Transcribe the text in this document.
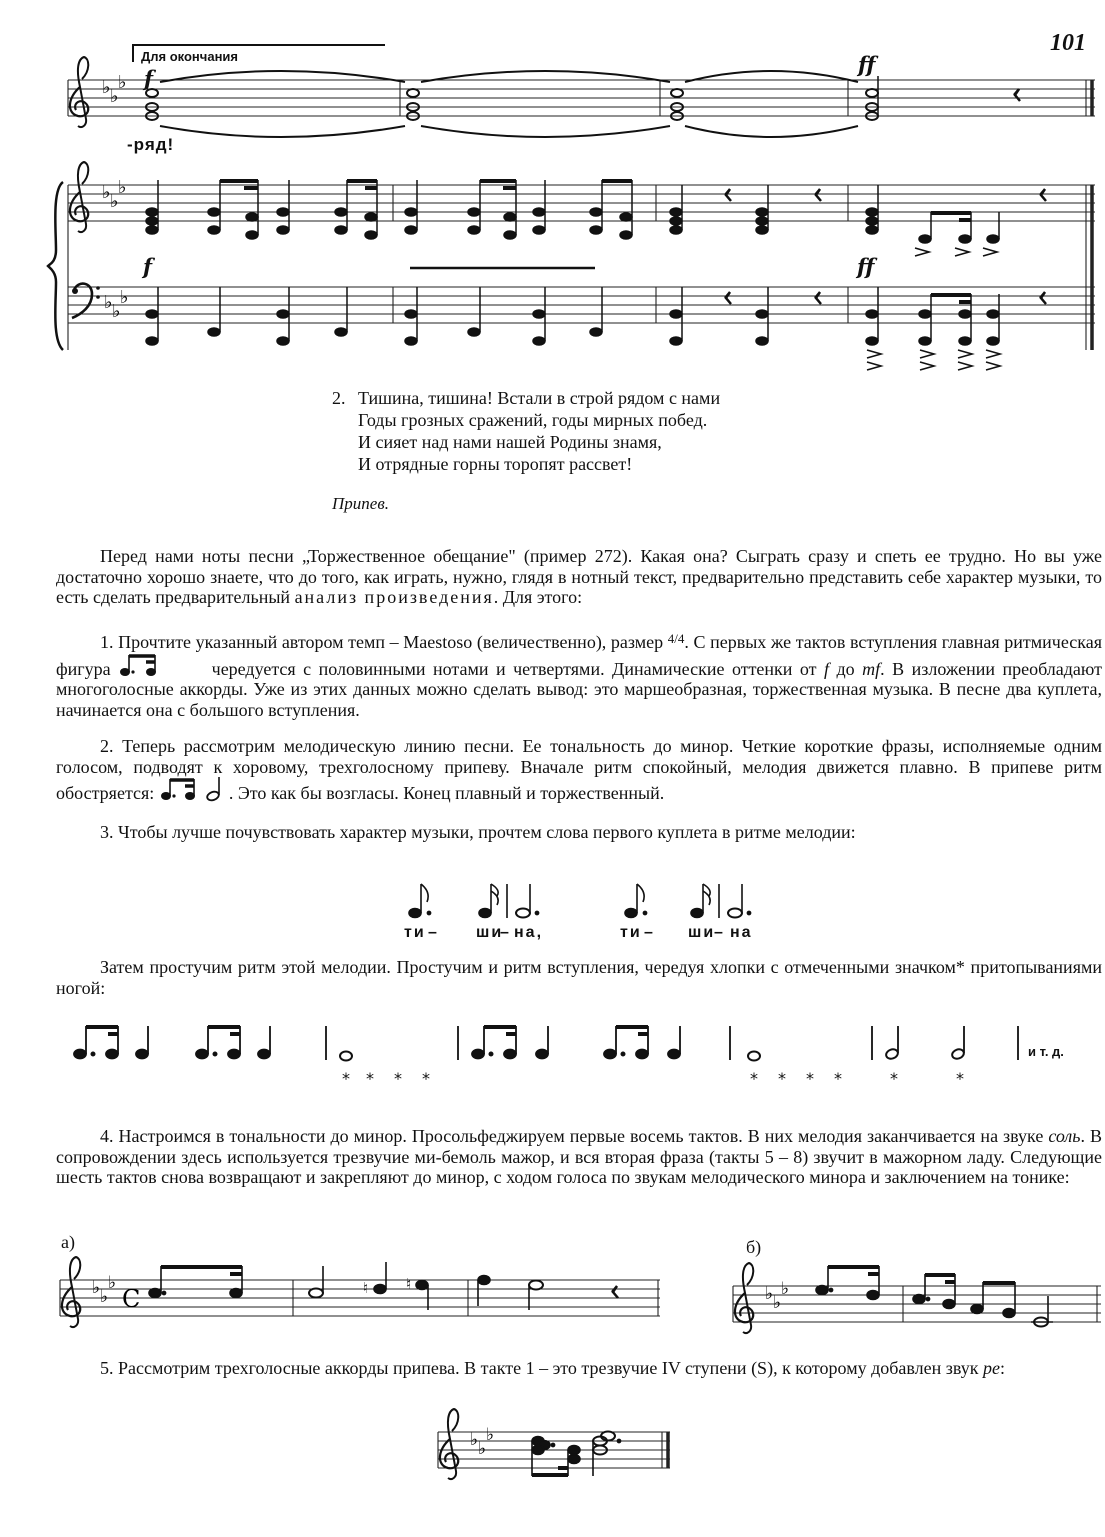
101
Для окончания
♭ ♭
♭
♭ ♭
♭
♭ ♭
♭
f
ff
f	ff
-ряд!
2. Тишина, тишина! Встали в строй рядом с нами
Годы грозных сражений, годы мирных побед.
И сияет над нами нашей Родины знамя,
И отрядные горны торопят рассвет!
Припев.
Перед нами ноты песни „Торжественное обещание" (пример 272). Какая она? Сыграть сразу и спеть ее трудно. Но вы уже достаточно хорошо знаете, что до того, как играть, нужно, глядя в нотный текст, предварительно представить себе характер музыки, то есть сделать предварительный анализ произведения. Для этого:
1. Прочтите указанный автором темп – Maestoso (величественно), размер $^{4/4}$. С первых же тактов вступления главная ритмическая фигура	чередуется с половинными нотами и четвертями. Динамические оттенки от f до mf. В изложении преобладают многоголосные аккорды. Уже из этих данных можно сделать вывод: это маршеобразная, торжественная музыка. В песне два куплета, начинается она с большого вступления.
2. Теперь рассмотрим мелодическую линию песни. Ее тональность до минор. Четкие короткие фразы, исполняемые одним голосом, подводят к хоровому, трехголосному припеву. Вначале ритм спокойный, мелодия движется плавно. В припеве ритм обостряется:	. Это как бы возгласы. Конец плавный и торжественный.
3. Чтобы лучше почувствовать характер музыки, прочтем слова первого куплета в ритме мелодии:
ти – ши
– на,	ти – ши
– на
Затем простучим ритм этой мелодии. Простучим и ритм вступления, чередуя хлопки с отмеченными значком* притопываниями ногой:
* * * *	* * * *	*	*
и т. д.
4. Настроимся в тональности до минор. Просольфеджируем первые восемь тактов. В них мелодия заканчивается на звуке соль. В сопровождении здесь используется трезвучие ми-бемоль мажор, и вся вторая фраза (такты 5 – 8) звучит в мажорном ладу. Следующие шесть тактов снова возвращают и закрепляют до минор, с ходом голоса по звукам мелодического минора и заключением на тонике:
а)	б)
♭ ♭
♭
C	♮	♮	♭ ♭
♭
5. Рассмотрим трехголосные аккорды припева. В такте 1 – это трезвучие IV ступени (S), к которому добавлен звук ре:
♭ ♭
♭
